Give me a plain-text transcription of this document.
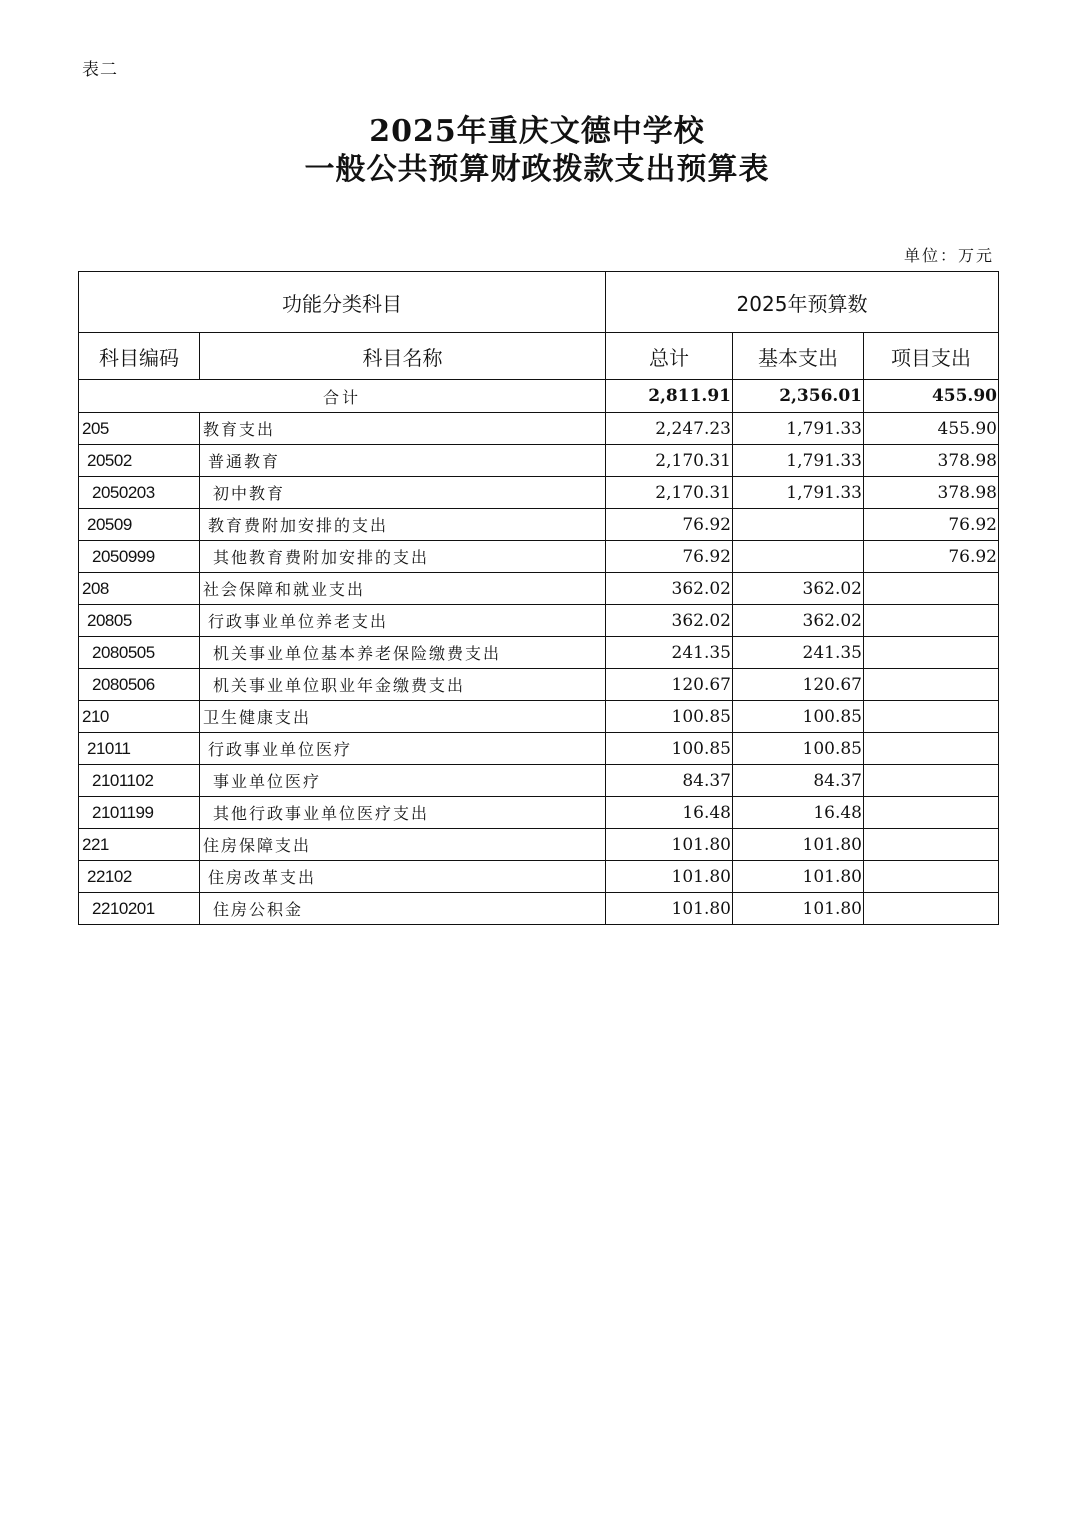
表二
2025年重庆文德中学校
一般公共预算财政拨款支出预算表
单位：万元
功能分类科目		2025年预算数		
科目编码	科目名称	总计	基本支出	项目支出
合计		2,811.91	2,356.01	455.90
205	教育支出	2,247.23	1,791.33	455.90
20502	普通教育	2,170.31	1,791.33	378.98
2050203	初中教育	2,170.31	1,791.33	378.98
20509	教育费附加安排的支出	76.92		76.92
2050999	其他教育费附加安排的支出	76.92		76.92
208	社会保障和就业支出	362.02	362.02	
20805	行政事业单位养老支出	362.02	362.02	
2080505	机关事业单位基本养老保险缴费支出	241.35	241.35	
2080506	机关事业单位职业年金缴费支出	120.67	120.67	
210	卫生健康支出	100.85	100.85	
21011	行政事业单位医疗	100.85	100.85	
2101102	事业单位医疗	84.37	84.37	
2101199	其他行政事业单位医疗支出	16.48	16.48	
221	住房保障支出	101.80	101.80	
22102	住房改革支出	101.80	101.80	
2210201	住房公积金	101.80	101.80	
